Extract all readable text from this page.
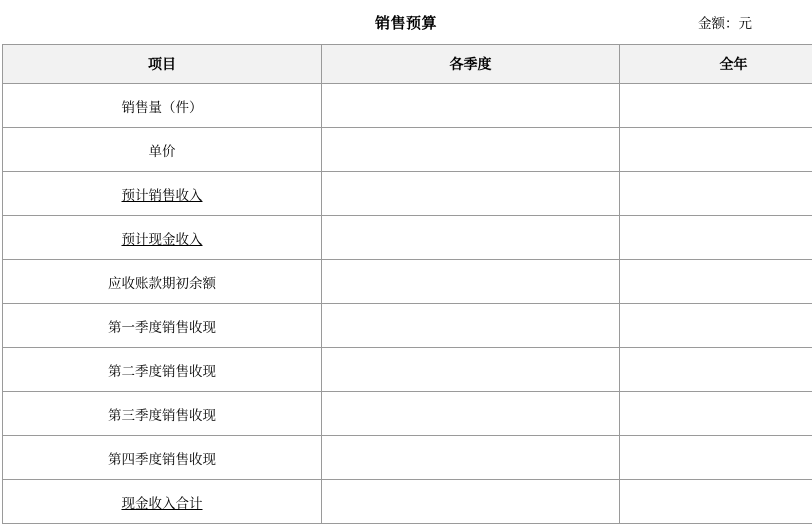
销售预算	金额：元
项目	各季度	全年
销售量（件）		
单价		
预计销售收入		
预计现金收入		
应收账款期初余额		
第一季度销售收现		
第二季度销售收现		
第三季度销售收现		
第四季度销售收现		
现金收入合计		
